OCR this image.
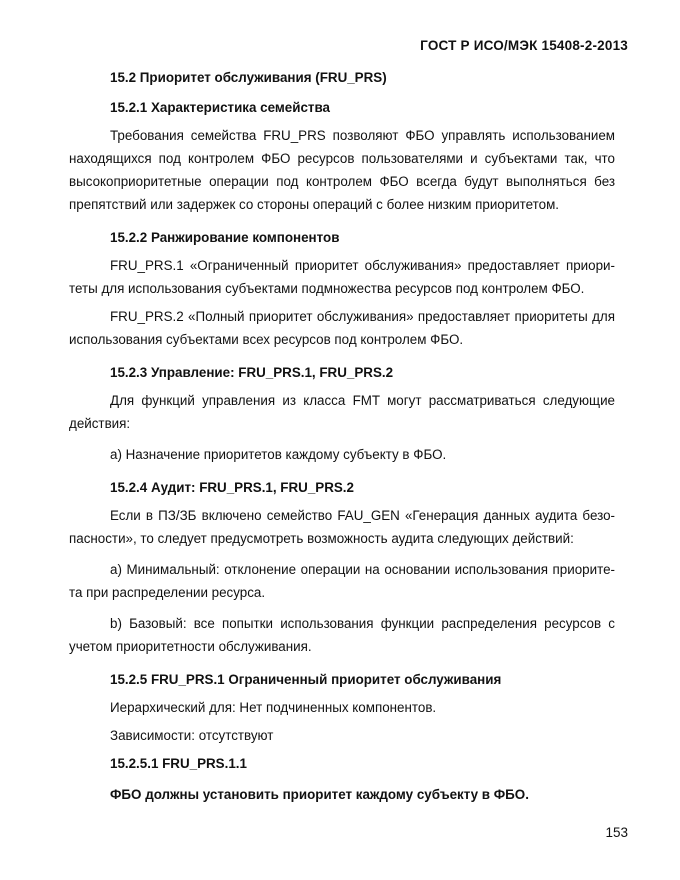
ГОСТ Р ИСО/МЭК 15408-2-2013
15.2 Приоритет обслуживания (FRU_PRS)
15.2.1 Характеристика семейства
Требования семейства FRU_PRS позволяют ФБО управлять использованием находящихся под контролем ФБО ресурсов пользователями и субъектами так, что высокоприоритетные операции под контролем ФБО всегда будут выполняться без препятствий или задержек со стороны операций с более низким приоритетом.
15.2.2 Ранжирование компонентов
FRU_PRS.1 «Ограниченный приоритет обслуживания» предоставляет приори-теты для использования субъектами подмножества ресурсов под контролем ФБО.
FRU_PRS.2 «Полный приоритет обслуживания» предоставляет приоритеты для использования субъектами всех ресурсов под контролем ФБО.
15.2.3 Управление: FRU_PRS.1, FRU_PRS.2
Для функций управления из класса FMT могут рассматриваться следующие действия:
а) Назначение приоритетов каждому субъекту в ФБО.
15.2.4 Аудит: FRU_PRS.1, FRU_PRS.2
Если в ПЗ/ЗБ включено семейство FAU_GEN «Генерация данных аудита безо-пасности», то следует предусмотреть возможность аудита следующих действий:
а) Минимальный: отклонение операции на основании использования приорите-та при распределении ресурса.
b) Базовый: все попытки использования функции распределения ресурсов с учетом приоритетности обслуживания.
15.2.5 FRU_PRS.1 Ограниченный приоритет обслуживания
Иерархический для: Нет подчиненных компонентов.
Зависимости: отсутствуют
15.2.5.1 FRU_PRS.1.1
ФБО должны установить приоритет каждому субъекту в ФБО.
153
